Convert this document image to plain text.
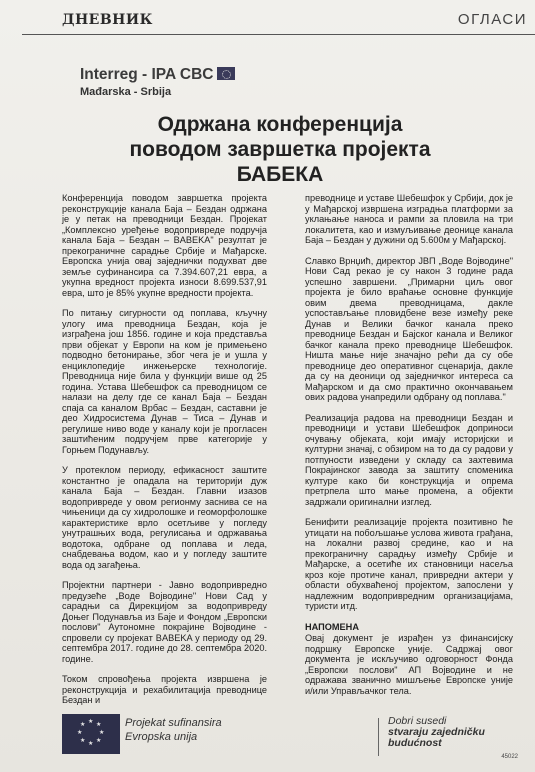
ДНЕВНИК	ОГЛАСИ
Interreg - IPA CBC
Mađarska - Srbija
Одржана конференција
поводом завршетка пројекта
БАБЕКА

Конференција поводом завршетка пројекта реконструкције канала Баја – Бездан одржана је у петак на преводници Бездан. Пројекат „Комплексно уређење водопривреде подручја канала Баја – Бездан – BABEKA" резултат је прекограничне сарадње Србије и Мађарске. Европска унија овај заједнички подухват две земље суфинансира са 7.394.607,21 евра, а укупна вредност пројекта износи 8.699.537,91 евра, што је 85% укупне вредности пројекта.

По питању сигурности од поплава, кључну улогу има преводница Бездан, која је изграђена још 1856. године и која представља први објекат у Европи на ком је примењено подводно бетонирање, због чега је и ушла у енциклопедије инжењерске технологије. Преводница није била у функцији више од 25 година. Устава Шебешфок са преводницом се налази на делу где се канал Баја – Бездан спаја са каналом Врбас – Бездан, саставни је део Хидросистема Дунав – Тиса – Дунав и регулише ниво воде у каналу који је прогласен заштићеним подручјем прве категорије у Горњем Подунављу.

У протеклом периоду, ефикасност заштите константно је опадала на територији дуж канала Баја – Бездан. Главни изазов водопривреде у овом регионму заснива се на чињеници да су хидролошке и геоморфолошке карактеристике врло осетљиве у погледу унутрашњих вода, регулисања и одржавања водотока, одбране од поплава и леда, снабдевања водом, као и у погледу заштите вода од загађења.

Пројектни партнери - Јавно водопривредно предузеће „Воде Војводине" Нови Сад у сарадњи са Дирекцијом за водопривреду Доњег Подунавља из Баје и Фондом „Европски послови" Аутономне покрајине Војводине - спровели су пројекат BABEKA у периоду од 29. септембра 2017. године до 28. септембра 2020. године.

Током спровођења пројекта извршена је реконструкција и рехабилитација преводнице Бездан и

преводнице и уставе Шебешфок у Србији, док је у Мађарској извршена изградња платформи за уклањање наноса и рампи за пловила на три локалитета, као и измуљивање деонице канала Баја – Бездан у дужини од 5.600м у Мађарској.

Славко Врнџић, директор ЈВП „Воде Војводине" Нови Сад рекао је су након 3 године рада успешно завршени. „Примарни циљ овог пројекта је било враћање основне функције овим двема преводницама, дакле успостављање пловидбене везе између реке Дунав и Велики бачког канала преко преводнице Бездан и Бајског канала и Великог бачког канала преко преводнице Шебешфок. Ништа мање није значајно рећи да су обе преводнице део оперативног сценарија, дакле да су на деоници од заједничког интереса са Мађарском и да смо практично окончавањем ових радова унапредили одбрану од поплава."

Реализација радова на преводници Бездан и преводници и устави Шебешфок доприноси очувању објеката, који имају историјски и културни значај, с обзиром на то да су радови у потпуности изведени у складу са захтевима Покрајинског завода за заштиту споменика културе како би конструкција и опрема претрпела што мање промена, а објекти задржали оригинални изглед.

Бенифити реализације пројекта позитивно ће утицати на побољшање услова живота грађана, на локални развој средине, као и на прекограничну сарадњу између Србије и Мађарске, а осетиће их становници насеља кроз које протиче канал, привредни актери у области обухваћеној пројектом, запослени у надлежним водопривредним организацијама, туристи итд.

НАПОМЕНА

Овај документ је израђен уз финансијску подршку Европске уније. Садржај овог документа је искључиво одговорност Фонда „Европски послови" АП Војводине и не одражава званично мишљење Европске уније и/или Управљачког тела.

★ ★
★
★
★
★
★
★	Projekat sufinansira
Evropska unija
Dobri susedi
stvaraju zajedničku
budućnost
45022
